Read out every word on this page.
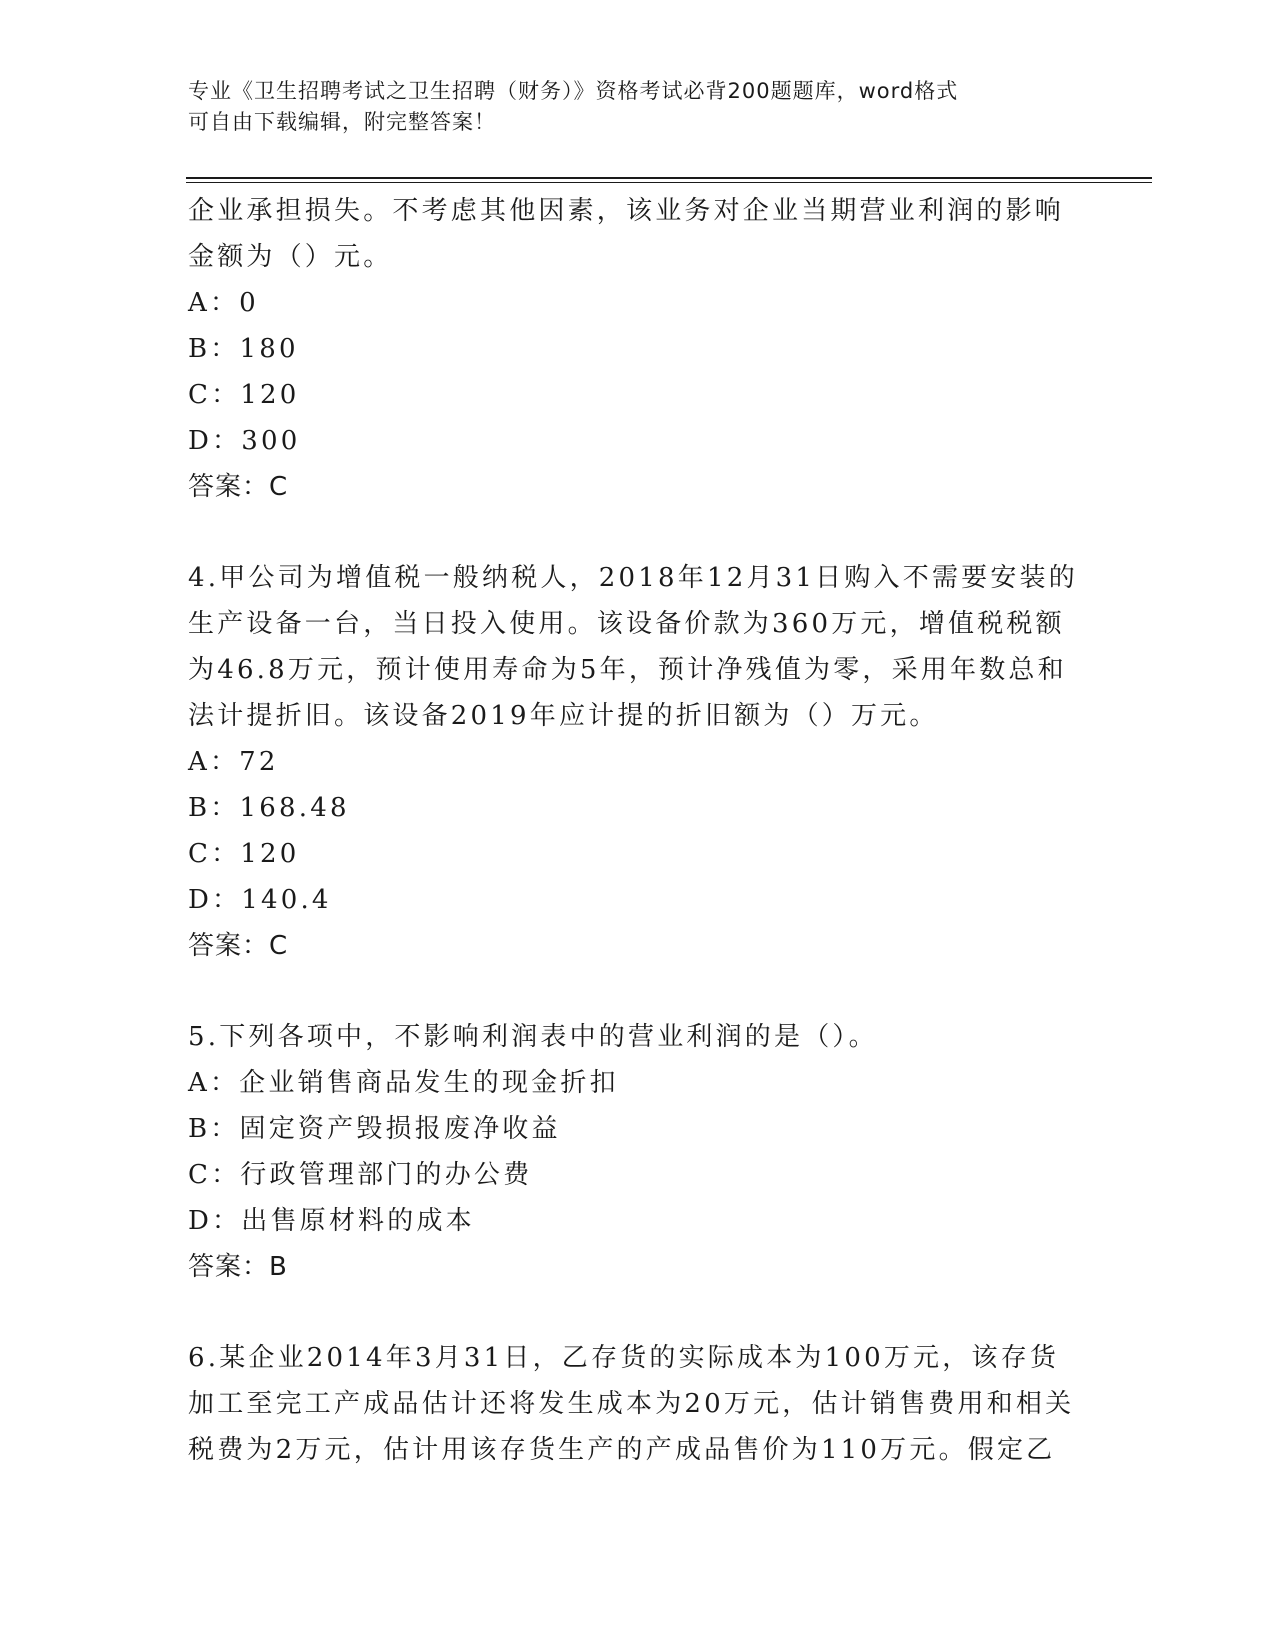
专业《卫生招聘考试之卫生招聘（财务）》资格考试必背200题题库，word格式
可自由下载编辑，附完整答案！
企业承担损失。不考虑其他因素，该业务对企业当期营业利润的影响
金额为（）元。
A：0
B：180
C：120
D：300
答案：C
4.甲公司为增值税一般纳税人，2018年12月31日购入不需要安装的
生产设备一台，当日投入使用。该设备价款为360万元，增值税税额
为46.8万元，预计使用寿命为5年，预计净残值为零，采用年数总和
法计提折旧。该设备2019年应计提的折旧额为（）万元。
A：72
B：168.48
C：120
D：140.4
答案：C
5.下列各项中，不影响利润表中的营业利润的是（）。
A：企业销售商品发生的现金折扣
B：固定资产毁损报废净收益
C：行政管理部门的办公费
D：出售原材料的成本
答案：B
6.某企业2014年3月31日，乙存货的实际成本为100万元，该存货
加工至完工产成品估计还将发生成本为20万元，估计销售费用和相关
税费为2万元，估计用该存货生产的产成品售价为110万元。假定乙
